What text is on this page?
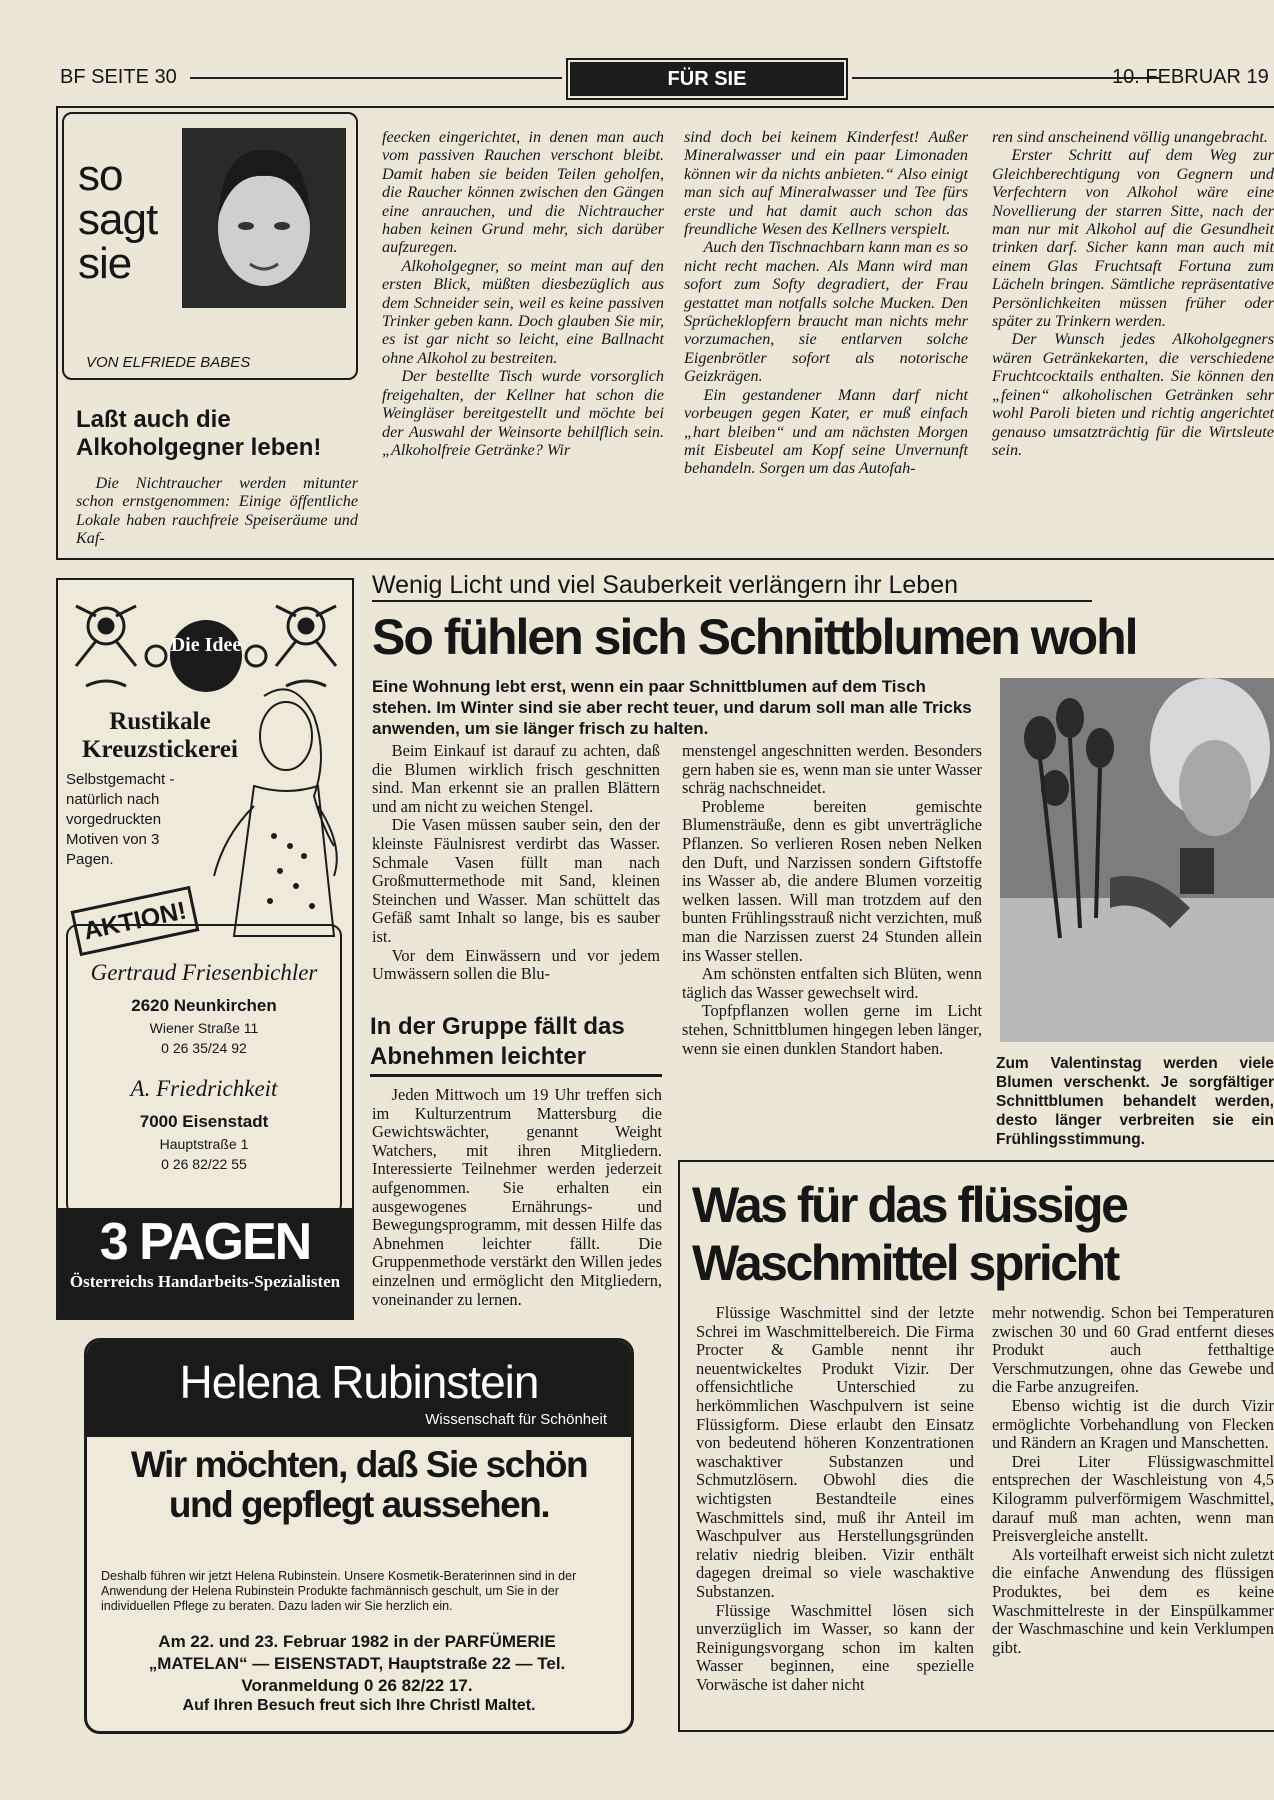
BF SEITE 30	FÜR SIE	10. FEBRUAR 19
so sagt sie
VON ELFRIEDE BABES
Laßt auch die Alkoholgegner leben!

Die Nichtraucher werden mitunter schon ernstgenommen: Einige öffentliche Lokale haben rauchfreie Speiseräume und Kaf-

feecken eingerichtet, in denen man auch vom passiven Rauchen verschont bleibt. Damit haben sie beiden Teilen geholfen, die Raucher können zwischen den Gängen eine anrauchen, und die Nichtraucher haben keinen Grund mehr, sich darüber aufzuregen.

Alkoholgegner, so meint man auf den ersten Blick, müßten diesbezüglich aus dem Schneider sein, weil es keine passiven Trinker geben kann. Doch glauben Sie mir, es ist gar nicht so leicht, eine Ballnacht ohne Alkohol zu bestreiten.

Der bestellte Tisch wurde vorsorglich freigehalten, der Kellner hat schon die Weingläser bereitgestellt und möchte bei der Auswahl der Weinsorte behilflich sein. „Alkoholfreie Getränke? Wir

sind doch bei keinem Kinderfest! Außer Mineralwasser und ein paar Limonaden können wir da nichts anbieten.“ Also einigt man sich auf Mineralwasser und Tee fürs erste und hat damit auch schon das freundliche Wesen des Kellners verspielt.

Auch den Tischnachbarn kann man es so nicht recht machen. Als Mann wird man sofort zum Softy degradiert, der Frau gestattet man notfalls solche Mucken. Den Sprücheklopfern braucht man nichts mehr vorzumachen, sie entlarven solche Eigenbrötler sofort als notorische Geizkrägen.

Ein gestandener Mann darf nicht vorbeugen gegen Kater, er muß einfach „hart bleiben“ und am nächsten Morgen mit Eisbeutel am Kopf seine Unvernunft behandeln. Sorgen um das Autofah-

ren sind anscheinend völlig unangebracht.

Erster Schritt auf dem Weg zur Gleichberechtigung von Gegnern und Verfechtern von Alkohol wäre eine Novellierung der starren Sitte, nach der man nur mit Alkohol auf die Gesundheit trinken darf. Sicher kann man auch mit einem Glas Fruchtsaft Fortuna zum Lächeln bringen. Sämtliche repräsentative Persönlichkeiten müssen früher oder später zu Trinkern werden.

Der Wunsch jedes Alkoholgegners wären Getränkekarten, die verschiedene Fruchtcocktails enthalten. Sie können den „feinen“ alkoholischen Getränken sehr wohl Paroli bieten und richtig angerichtet genauso umsatzträchtig für die Wirtsleute sein.

Die Idee
Rustikale Kreuzstickerei
Selbstgemacht - natürlich nach vorgedruckten Motiven von 3 Pagen.
AKTION!
Gertraud Friesenbichler
2620 Neunkirchen
Wiener Straße 11
0 26 35/24 92
A. Friedrichkeit
7000 Eisenstadt
Hauptstraße 1
0 26 82/22 55
3 PAGEN
Österreichs Handarbeits-Spezialisten
Wenig Licht und viel Sauberkeit verlängern ihr Leben
So fühlen sich Schnittblumen wohl
Eine Wohnung lebt erst, wenn ein paar Schnittblumen auf dem Tisch stehen. Im Winter sind sie aber recht teuer, und darum soll man alle Tricks anwenden, um sie länger frisch zu halten.

Beim Einkauf ist darauf zu achten, daß die Blumen wirklich frisch geschnitten sind. Man erkennt sie an prallen Blättern und am nicht zu weichen Stengel.

Die Vasen müssen sauber sein, den der kleinste Fäulnisrest verdirbt das Wasser. Schmale Vasen füllt man nach Großmuttermethode mit Sand, kleinen Steinchen und Wasser. Man schüttelt das Gefäß samt Inhalt so lange, bis es sauber ist.

Vor dem Einwässern und vor jedem Umwässern sollen die Blu-

menstengel angeschnitten werden. Besonders gern haben sie es, wenn man sie unter Wasser schräg nachschneidet.

Probleme bereiten gemischte Blumensträuße, denn es gibt unverträgliche Pflanzen. So verlieren Rosen neben Nelken den Duft, und Narzissen sondern Giftstoffe ins Wasser ab, die andere Blumen vorzeitig welken lassen. Will man trotzdem auf den bunten Frühlingsstrauß nicht verzichten, muß man die Narzissen zuerst 24 Stunden allein ins Wasser stellen.

Am schönsten entfalten sich Blüten, wenn täglich das Wasser gewechselt wird.

Topfpflanzen wollen gerne im Licht stehen, Schnittblumen hingegen leben länger, wenn sie einen dunklen Standort haben.

Zum Valentinstag werden viele Blumen verschenkt. Je sorgfältiger Schnittblumen behandelt werden, desto länger verbreiten sie ein Frühlingsstimmung.
In der Gruppe fällt das Abnehmen leichter

Jeden Mittwoch um 19 Uhr treffen sich im Kulturzentrum Mattersburg die Gewichtswächter, genannt Weight Watchers, mit ihren Mitgliedern. Interessierte Teilnehmer werden jederzeit aufgenommen. Sie erhalten ein ausgewogenes Ernährungs- und Bewegungsprogramm, mit dessen Hilfe das Abnehmen leichter fällt. Die Gruppenmethode verstärkt den Willen jedes einzelnen und ermöglicht den Mitgliedern, voneinander zu lernen.

Helena Rubinstein
Wissenschaft für Schönheit
Wir möchten, daß Sie schön und gepflegt aussehen.
Deshalb führen wir jetzt Helena Rubinstein. Unsere Kosmetik-Beraterinnen sind in der Anwendung der Helena Rubinstein Produkte fachmännisch geschult, um Sie in der individuellen Pflege zu beraten. Dazu laden wir Sie herzlich ein.
Am 22. und 23. Februar 1982 in der PARFÜMERIE „MATELAN“ — EISENSTADT, Hauptstraße 22 — Tel. Voranmeldung 0 26 82/22 17.
Auf Ihren Besuch freut sich Ihre Christl Maltet.
Was für das flüssige Waschmittel spricht

Flüssige Waschmittel sind der letzte Schrei im Waschmittelbereich. Die Firma Procter & Gamble nennt ihr neuentwickeltes Produkt Vizir. Der offensichtliche Unterschied zu herkömmlichen Waschpulvern ist seine Flüssigform. Diese erlaubt den Einsatz von bedeutend höheren Konzentrationen waschaktiver Substanzen und Schmutzlösern. Obwohl dies die wichtigsten Bestandteile eines Waschmittels sind, muß ihr Anteil im Waschpulver aus Herstellungsgründen relativ niedrig bleiben. Vizir enthält dagegen dreimal so viele waschaktive Substanzen.

Flüssige Waschmittel lösen sich unverzüglich im Wasser, so kann der Reinigungsvorgang schon im kalten Wasser beginnen, eine spezielle Vorwäsche ist daher nicht

mehr notwendig. Schon bei Temperaturen zwischen 30 und 60 Grad entfernt dieses Produkt auch fetthaltige Verschmutzungen, ohne das Gewebe und die Farbe anzugreifen.

Ebenso wichtig ist die durch Vizir ermöglichte Vorbehandlung von Flecken und Rändern an Kragen und Manschetten.

Drei Liter Flüssigwaschmittel entsprechen der Waschleistung von 4,5 Kilogramm pulverförmigem Waschmittel, darauf muß man achten, wenn man Preisvergleiche anstellt.

Als vorteilhaft erweist sich nicht zuletzt die einfache Anwendung des flüssigen Produktes, bei dem es keine Waschmittelreste in der Einspülkammer der Waschmaschine und kein Verklumpen gibt.
